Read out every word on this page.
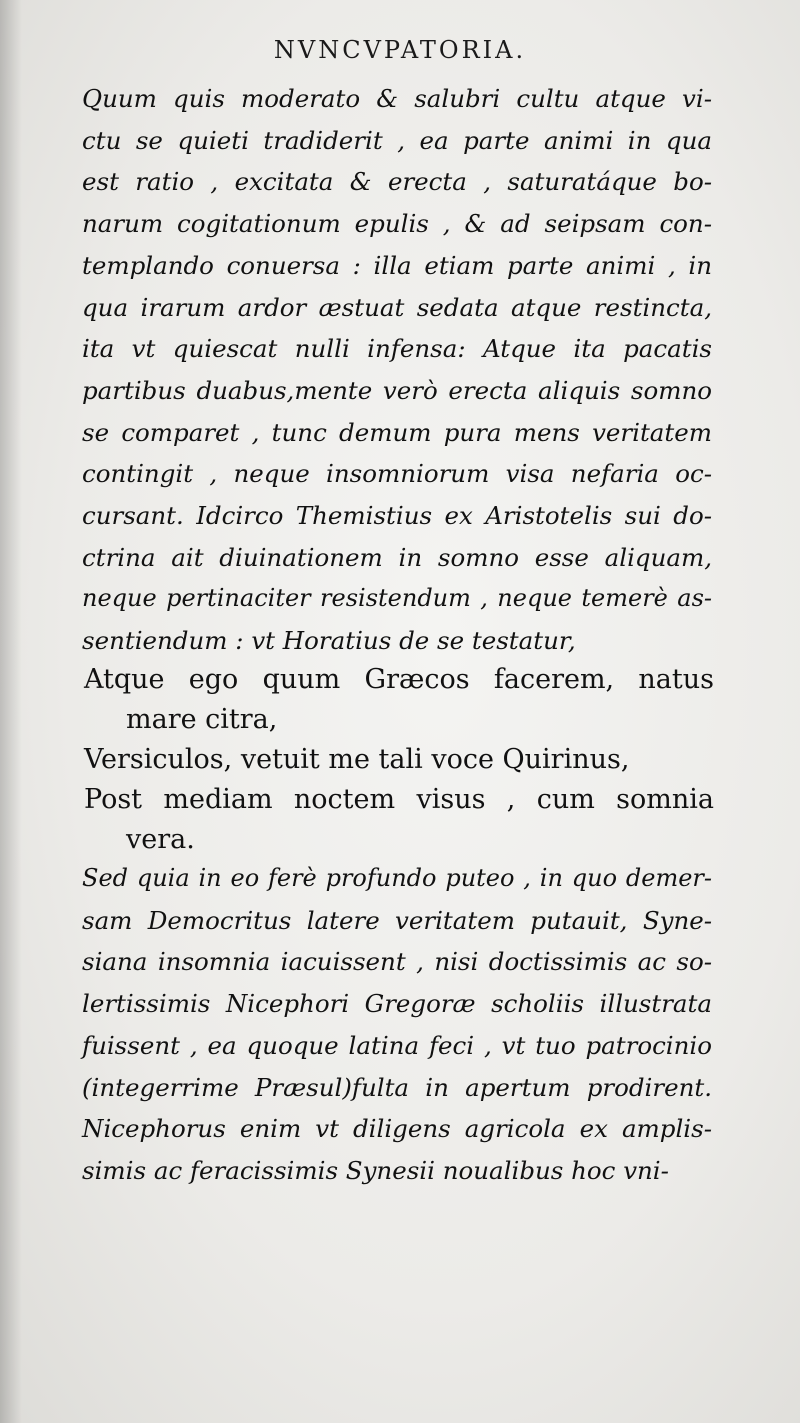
NVNCVPATORIA.
Quum quis moderato & salubri cultu atque vi-
ctu se quieti tradiderit , ea parte animi in qua
est ratio , excitata & erecta , saturatáque bo-
narum cogitationum epulis , & ad seipsam con-
templando conuersa : illa etiam parte animi , in
qua irarum ardor æstuat sedata atque restincta,
ita vt quiescat nulli infensa: Atque ita pacatis
partibus duabus,mente verò erecta aliquis somno
se comparet , tunc demum pura mens veritatem
contingit , neque insomniorum visa nefaria oc-
cursant. Idcirco Themistius ex Aristotelis sui do-
ctrina ait diuinationem in somno esse aliquam,
neque pertinaciter resistendum , neque temerè as-
sentiendum : vt Horatius de se testatur,
Atque ego quum Græcos facerem, natus
mare citra,
Versiculos, vetuit me tali voce Quirinus,
Post mediam noctem visus , cum somnia
vera.
Sed quia in eo ferè profundo puteo , in quo demer-
sam Democritus latere veritatem putauit, Syne-
siana insomnia iacuissent , nisi doctissimis ac so-
lertissimis Nicephori Gregoræ scholiis illustrata
fuissent , ea quoque latina feci , vt tuo patrocinio
(integerrime Præsul)fulta in apertum prodirent.
Nicephorus enim vt diligens agricola ex amplis-
simis ac feracissimis Synesii noualibus hoc vni-
